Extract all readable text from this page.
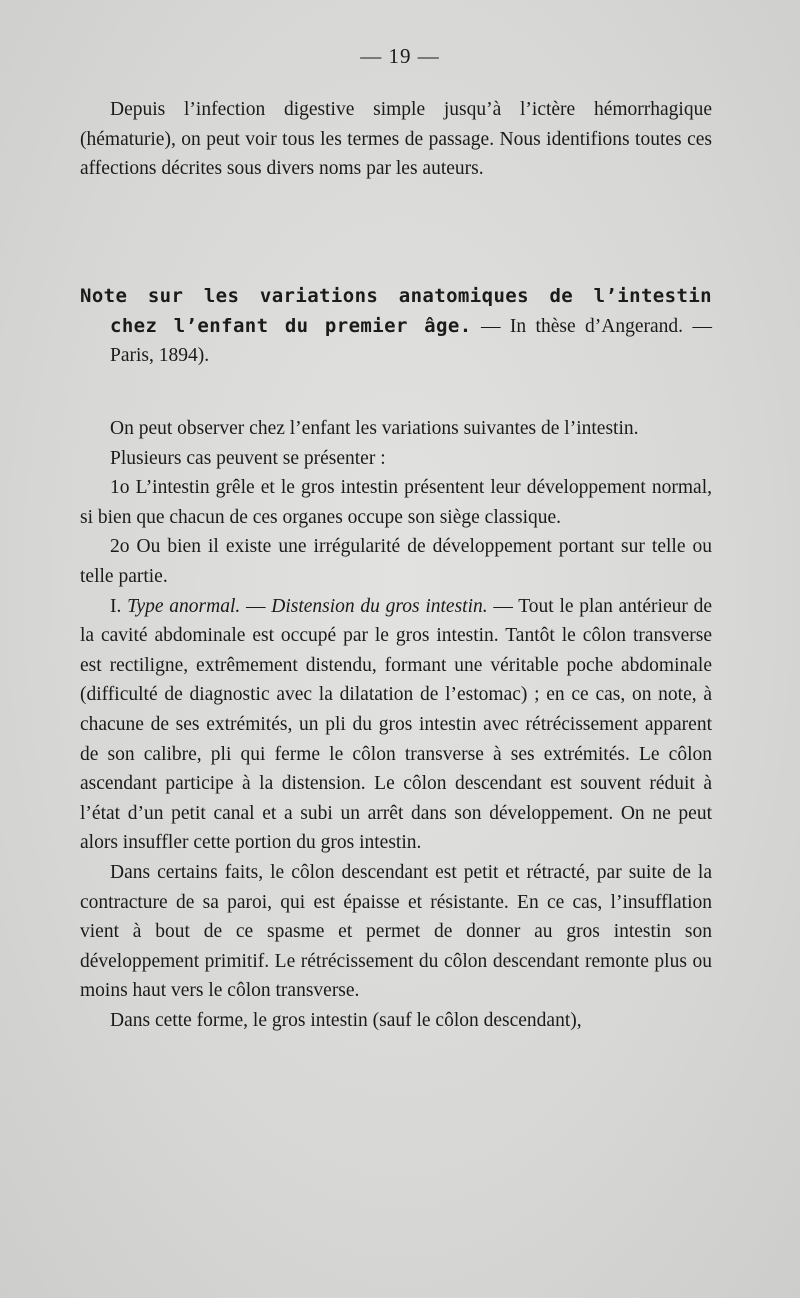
— 19 —

Depuis l’infection digestive simple jusqu’à l’ictère hémorrhagique (hématurie), on peut voir tous les termes de passage. Nous identifions toutes ces affections décrites sous divers noms par les auteurs.

Note sur les variations anatomiques de l’intestin chez l’enfant du premier âge. — In thèse d’Angerand. — Paris, 1894).

On peut observer chez l’enfant les variations suivantes de l’intestin.

Plusieurs cas peuvent se présenter :

1o L’intestin grêle et le gros intestin présentent leur développement normal, si bien que chacun de ces organes occupe son siège classique.

2o Ou bien il existe une irrégularité de développement portant sur telle ou telle partie.

I. Type anormal. — Distension du gros intestin. — Tout le plan antérieur de la cavité abdominale est occupé par le gros intestin. Tantôt le côlon transverse est rectiligne, extrêmement distendu, formant une véritable poche abdominale (difficulté de diagnostic avec la dilatation de l’estomac) ; en ce cas, on note, à chacune de ses extrémités, un pli du gros intestin avec rétrécissement apparent de son calibre, pli qui ferme le côlon transverse à ses extrémités. Le côlon ascendant participe à la distension. Le côlon descendant est souvent réduit à l’état d’un petit canal et a subi un arrêt dans son développement. On ne peut alors insuffler cette portion du gros intestin.

Dans certains faits, le côlon descendant est petit et rétracté, par suite de la contracture de sa paroi, qui est épaisse et résistante. En ce cas, l’insufflation vient à bout de ce spasme et permet de donner au gros intestin son développement primitif. Le rétrécissement du côlon descendant remonte plus ou moins haut vers le côlon transverse.

Dans cette forme, le gros intestin (sauf le côlon descendant),
